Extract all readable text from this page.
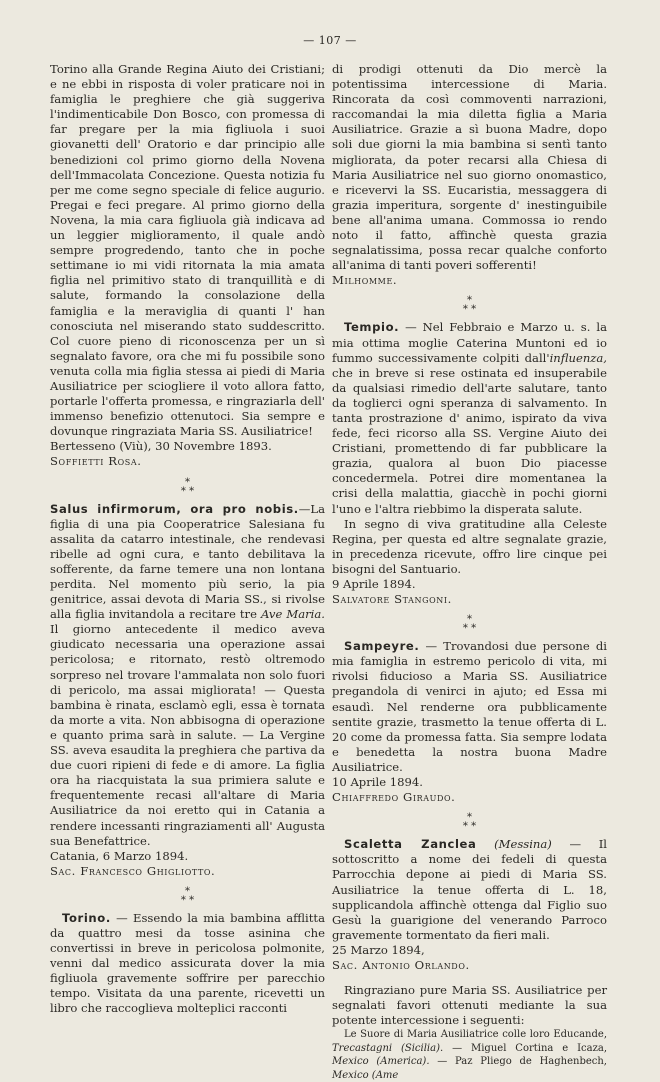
— 107 —

Torino alla Grande Regina Aiuto dei Cristiani; e ne ebbi in risposta di voler praticare noi in famiglia le preghiere che già suggeriva l'indimenticabile Don Bosco, con promessa di far pregare per la mia figliuola i suoi giovanetti dell' Oratorio e dar principio alle benedizioni col primo giorno della Novena dell'Immacolata Concezione. Questa notizia fu per me come segno speciale di felice augurio. Pregai e feci pregare. Al primo giorno della Novena, la mia cara figliuola già indicava ad un leggier miglioramento, il quale andò sempre progredendo, tanto che in poche settimane io mi vidi ritornata la mia amata figlia nel primitivo stato di tranquillità e di salute, formando la consolazione della famiglia e la meraviglia di quanti l' han conosciuta nel miserando stato suddescritto. Col cuore pieno di riconoscenza per un sì segnalato favore, ora che mi fu possibile sono venuta colla mia figlia stessa ai piedi di Maria Ausiliatrice per sciogliere il voto allora fatto, portarle l'offerta promessa, e ringraziarla dell' immenso benefizio ottenutoci. Sia sempre e dovunque ringraziata Maria SS. Ausiliatrice!

Bertesseno (Viù), 30 Novembre 1893.

Soffietti Rosa.

*
* *

Salus infirmorum, ora pro nobis.—La figlia di una pia Cooperatrice Salesiana fu assalita da catarro intestinale, che rendevasi ribelle ad ogni cura, e tanto debilitava la sofferente, da farne temere una non lontana perdita. Nel momento più serio, la pia genitrice, assai devota di Maria SS., si rivolse alla figlia invitandola a recitare tre Ave Maria. Il giorno antecedente il medico aveva giudicato necessaria una operazione assai pericolosa; e ritornato, restò oltremodo sorpreso nel trovare l'ammalata non solo fuori di pericolo, ma assai migliorata! — Questa bambina è rinata, esclamò egli, essa è tornata da morte a vita. Non abbisogna di operazione e quanto prima sarà in salute. — La Vergine SS. aveva esaudita la preghiera che partiva da due cuori ripieni di fede e di amore. La figlia ora ha riacquistata la sua primiera salute e frequentemente recasi all'altare di Maria Ausiliatrice da noi eretto qui in Catania a rendere incessanti ringraziamenti all' Augusta sua Benefattrice.

Catania, 6 Marzo 1894.

Sac. Francesco Ghigliotto.

*
* *

Torino. — Essendo la mia bambina afflitta da quattro mesi da tosse asinina che convertissi in breve in pericolosa polmonite, venni dal medico assicurata dover la mia figliuola gravemente soffrire per parecchio tempo. Visitata da una parente, ricevetti un libro che raccoglieva molteplici racconti

di prodigi ottenuti da Dio mercè la potentissima intercessione di Maria. Rincorata da così commoventi narrazioni, raccomandai la mia diletta figlia a Maria Ausiliatrice. Grazie a sì buona Madre, dopo soli due giorni la mia bambina si sentì tanto migliorata, da poter recarsi alla Chiesa di Maria Ausiliatrice nel suo giorno onomastico, e ricevervi la SS. Eucaristia, messaggera di grazia imperitura, sorgente d' inestinguibile bene all'anima umana. Commossa io rendo noto il fatto, affinchè questa grazia segnalatissima, possa recar qualche conforto all'anima di tanti poveri sofferenti!

Milhomme.

*
* *

Tempio. — Nel Febbraio e Marzo u. s. la mia ottima moglie Caterina Muntoni ed io fummo successivamente colpiti dall'influenza, che in breve si rese ostinata ed insuperabile da qualsiasi rimedio dell'arte salutare, tanto da toglierci ogni speranza di salvamento. In tanta prostrazione d' animo, ispirato da viva fede, feci ricorso alla SS. Vergine Aiuto dei Cristiani, promettendo di far pubblicare la grazia, qualora al buon Dio piacesse concedermela. Potrei dire momentanea la crisi della malattia, giacchè in pochi giorni l'uno e l'altra riebbimo la disperata salute.

In segno di viva gratitudine alla Celeste Regina, per questa ed altre segnalate grazie, in precedenza ricevute, offro lire cinque pei bisogni del Santuario.

9 Aprile 1894.

Salvatore Stangoni.

*
* *

Sampeyre. — Trovandosi due persone di mia famiglia in estremo pericolo di vita, mi rivolsi fiducioso a Maria SS. Ausiliatrice pregandola di venirci in ajuto; ed Essa mi esaudì. Nel renderne ora pubblicamente sentite grazie, trasmetto la tenue offerta di L. 20 come da promessa fatta. Sia sempre lodata e benedetta la nostra buona Madre Ausiliatrice.

10 Aprile 1894.

Chiaffredo Giraudo.

*
* *

Scaletta Zanclea (Messina) — Il sottoscritto a nome dei fedeli di questa Parrocchia depone ai piedi di Maria SS. Ausiliatrice la tenue offerta di L. 18, supplicandola affinchè ottenga dal Figlio suo Gesù la guarigione del venerando Parroco gravemente tormentato da fieri mali.

25 Marzo 1894,

Sac. Antonio Orlando.

Ringraziano pure Maria SS. Ausiliatrice per segnalati favori ottenuti mediante la sua potente intercessione i seguenti:

Le Suore di Maria Ausiliatrice colle loro Educande, Trecastagni (Sicilia). — Miguel Cortina e Icaza, Mexico (America). — Paz Pliego de Haghenbech, Mexico (Ame
